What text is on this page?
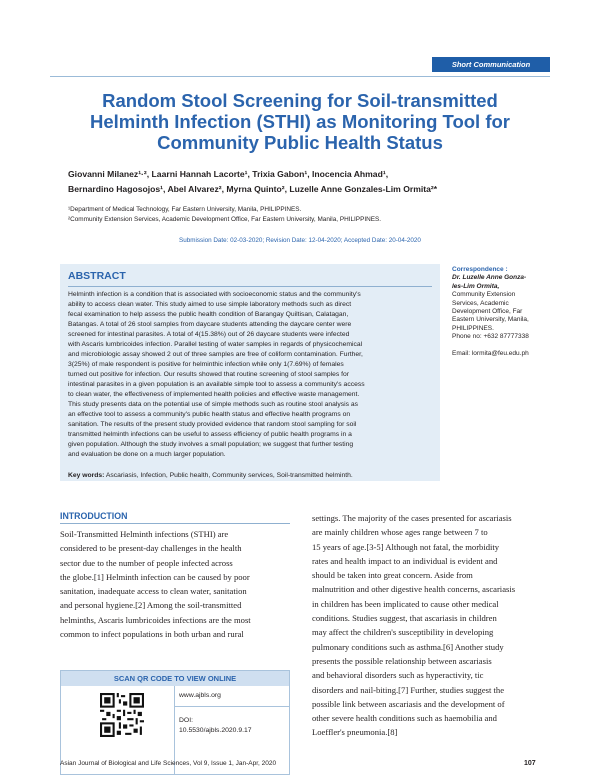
Short Communication
Random Stool Screening for Soil-transmitted
Helminth Infection (STHI) as Monitoring Tool for
Community Public Health Status
Giovanni Milanez¹·², Laarni Hannah Lacorte¹, Trixia Gabon¹, Inocencia Ahmad¹,
Bernardino Hagosojos¹, Abel Alvarez², Myrna Quinto², Luzelle Anne Gonzales-Lim Ormita²*
¹Department of Medical Technology, Far Eastern University, Manila, PHILIPPINES.
²Community Extension Services, Academic Development Office, Far Eastern University, Manila, PHILIPPINES.
Submission Date: 02-03-2020; Revision Date: 12-04-2020; Accepted Date: 20-04-2020
ABSTRACT
Helminth infection is a condition that is associated with socioeconomic status and the community's
ability to access clean water. This study aimed to use simple laboratory methods such as direct
fecal examination to help assess the public health condition of Barangay Quiltisan, Calatagan,
Batangas. A total of 26 stool samples from daycare students attending the daycare center were
screened for intestinal parasites. A total of 4(15.38%) out of 26 daycare students were infected
with Ascaris lumbricoides infection. Parallel testing of water samples in regards of physicochemical
and microbiologic assay showed 2 out of three samples are free of coliform contamination. Further,
3(25%) of male respondent is positive for helminthic infection while only 1(7.69%) of females
turned out positive for infection. Our results showed that routine screening of stool samples for
intestinal parasites in a given population is an available simple tool to assess a community's access
to clean water, the effectiveness of implemented health policies and effective waste management.
This study presents data on the potential use of simple methods such as routine stool analysis as
an effective tool to assess a community's public health status and effective health programs on
sanitation. The results of the present study provided evidence that random stool sampling for soil
transmitted helminth infections can be useful to assess efficiency of public health programs in a
given population. Although the study involves a small population; we suggest that further testing
and evaluation be done on a much larger population.
Key words: Ascariasis, Infection, Public health, Community services, Soil-transmitted helminth.
Correspondence :
Dr. Luzelle Anne Gonza-
les-Lim Ormita,
Community Extension
Services, Academic
Development Office, Far
Eastern University, Manila,
PHILIPPINES.
Phone no: +632 87777338
Email: lormita@feu.edu.ph
INTRODUCTION
Soil-Transmitted Helminth infections (STHI) are
considered to be present-day challenges in the health
sector due to the number of people infected across
the globe.[1] Helminth infection can be caused by poor
sanitation, inadequate access to clean water, sanitation
and personal hygiene.[2] Among the soil-transmitted
helminths, Ascaris lumbricoides infections are the most
common to infect populations in both urban and rural
settings. The majority of the cases presented for ascariasis
are mainly children whose ages range between 7 to
15 years of age.[3-5] Although not fatal, the morbidity
rates and health impact to an individual is evident and
should be taken into great concern. Aside from
malnutrition and other digestive health concerns, ascariasis
in children has been implicated to cause other medical
conditions. Studies suggest, that ascariasis in children
may affect the children's susceptibility in developing
pulmonary conditions such as asthma.[6] Another study
presents the possible relationship between ascariasis
and behavioral disorders such as hyperactivity, tic
disorders and nail-biting.[7] Further, studies suggest the
possible link between ascariasis and the development of
other severe health conditions such as haemobilia and
Loeffler's pneumonia.[8]
SCAN QR CODE TO VIEW ONLINE
www.ajbls.org
DOI:
10.5530/ajbls.2020.9.17
Asian Journal of Biological and Life Sciences, Vol 9, Issue 1, Jan-Apr, 2020	107
